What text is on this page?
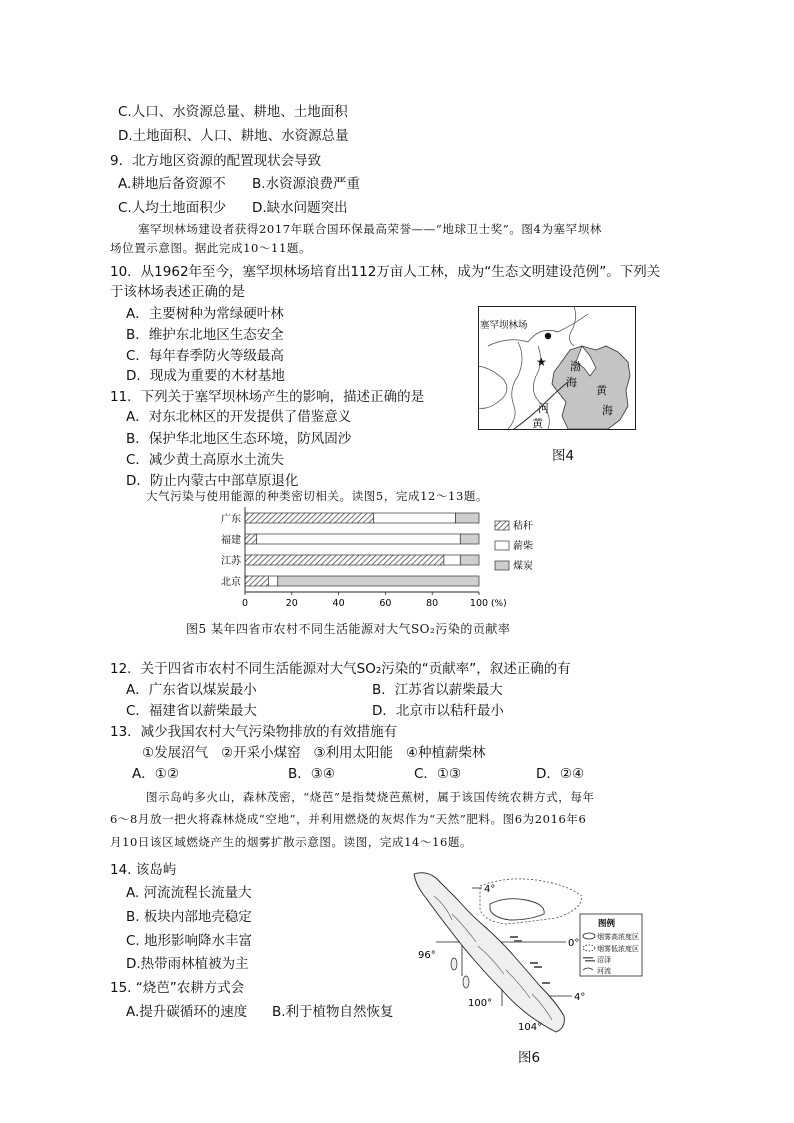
C.人口、水资源总量、耕地、土地面积
D.土地面积、人口、耕地、水资源总量
9．北方地区资源的配置现状会导致
A.耕地后备资源不 B.水资源浪费严重
C.人均土地面积少 D.缺水问题突出
塞罕坝林场建设者获得2017年联合国环保最高荣誉——“地球卫士奖”。图4为塞罕坝林
场位置示意图。据此完成10～11题。
10．从1962年至今，塞罕坝林场培育出112万亩人工林，成为“生态文明建设范例”。下列关
于该林场表述正确的是
A．主要树种为常绿硬叶林
B．维护东北地区生态安全
C．每年春季防火等级最高
D．现成为重要的木材基地
11．下列关于塞罕坝林场产生的影响，描述正确的是
A．对东北林区的开发提供了借鉴意义
B．保护华北地区生态环境，防风固沙
C．减少黄土高原水土流失
D．防止内蒙古中部草原退化
★
塞罕坝林场
渤
海
黄
海
河
黄
图4
大气污染与使用能源的种类密切相关。读图5，完成12～13题。
广东
福建
江苏
北京
0	20	40	60	80	100 (%)
秸秆
薪柴
煤炭
图5 某年四省市农村不同生活能源对大气SO₂污染的贡献率
12．关于四省市农村不同生活能源对大气SO₂污染的“贡献率”，叙述正确的有
A．广东省以煤炭最小	B．江苏省以薪柴最大
C．福建省以薪柴最大	D．北京市以秸秆最小
13．减少我国农村大气污染物排放的有效措施有
①发展沼气   ②开采小煤窑   ③利用太阳能   ④种植薪柴林
A．①②	B．③④	C．①③	D．②④
图示岛屿多火山，森林茂密，“烧芭”是指焚烧芭蕉树，属于该国传统农耕方式，每年
6～8月放一把火将森林烧成“空地”，并利用燃烧的灰烬作为“天然”肥料。图6为2016年6
月10日该区域燃烧产生的烟雾扩散示意图。读图，完成14～16题。
14. 该岛屿
A. 河流流程长流量大
B. 板块内部地壳稳定
C. 地形影响降水丰富
D.热带雨林植被为主
15. “烧芭”农耕方式会
A.提升碳循环的速度 B.利于植物自然恢复
4°
0°
4°
96°
100°
104°
图例
烟雾高浓度区
烟雾低浓度区
沼泽
河流
图6
